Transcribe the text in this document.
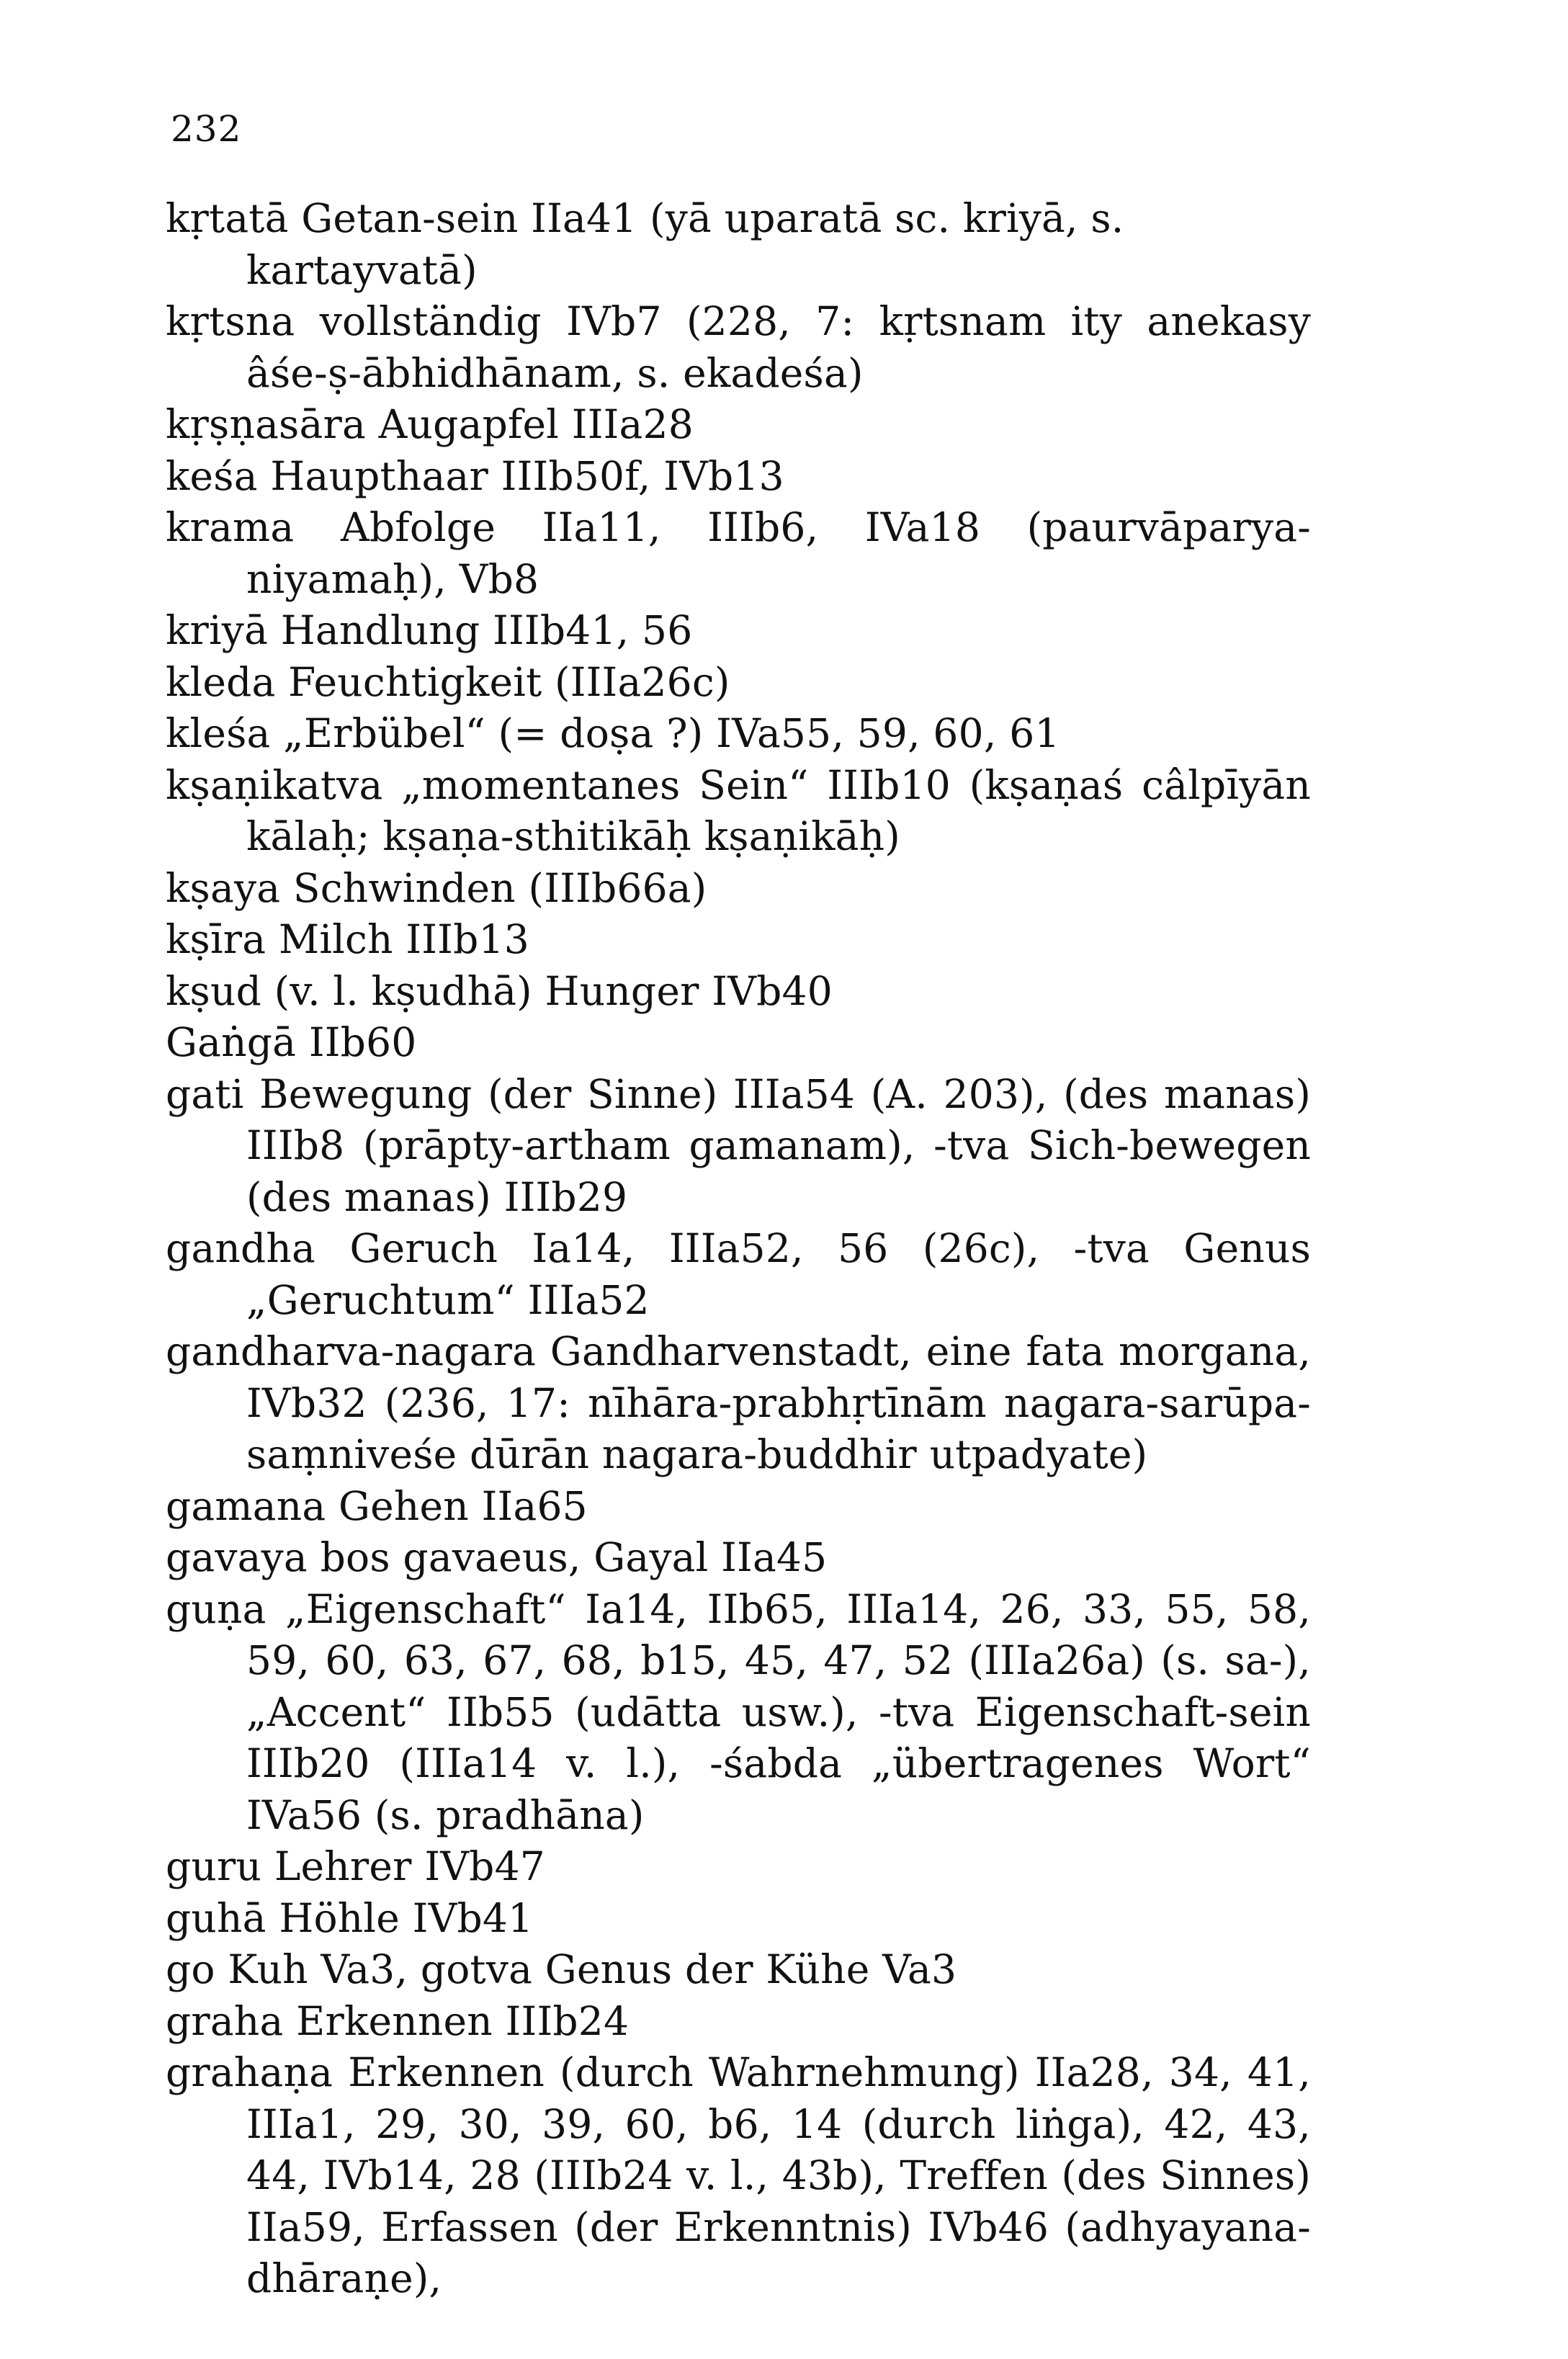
232
kṛtatā Getan-sein IIa41 (yā uparatā sc. kriyā, s. kartayvatā)
kṛtsna vollständig IVb7 (228, 7: kṛtsnam ity anekasy âśe-ṣ-ābhidhānam, s. ekadeśa)
kṛṣṇasāra Augapfel IIIa28
keśa Haupthaar IIIb50f, IVb13
krama Abfolge IIa11, IIIb6, IVa18 (paurvāparya-niyamaḥ), Vb8
kriyā Handlung IIIb41, 56
kleda Feuchtigkeit (IIIa26c)
kleśa „Erbübel“ (= doṣa ?) IVa55, 59, 60, 61
kṣaṇikatva „momentanes Sein“ IIIb10 (kṣaṇaś câlpīyān kālaḥ; kṣaṇa-sthitikāḥ kṣaṇikāḥ)
kṣaya Schwinden (IIIb66a)
kṣīra Milch IIIb13
kṣud (v. l. kṣudhā) Hunger IVb40
Gaṅgā IIb60
gati Bewegung (der Sinne) IIIa54 (A. 203), (des manas) IIIb8 (prāpty-artham gamanam), -tva Sich-bewegen (des manas) IIIb29
gandha Geruch Ia14, IIIa52, 56 (26c), -tva Genus „Geruchtum“ IIIa52
gandharva-nagara Gandharvenstadt, eine fata morgana, IVb32 (236, 17: nīhāra-prabhṛtīnām nagara-sarūpa-saṃniveśe dūrān nagara-buddhir utpadyate)
gamana Gehen IIa65
gavaya bos gavaeus, Gayal IIa45
guṇa „Eigenschaft“ Ia14, IIb65, IIIa14, 26, 33, 55, 58, 59, 60, 63, 67, 68, b15, 45, 47, 52 (IIIa26a) (s. sa-), „Accent“ IIb55 (udātta usw.), -tva Eigenschaft-sein IIIb20 (IIIa14 v. l.), -śabda „übertragenes Wort“ IVa56 (s. pradhāna)
guru Lehrer IVb47
guhā Höhle IVb41
go Kuh Va3, gotva Genus der Kühe Va3
graha Erkennen IIIb24
grahaṇa Erkennen (durch Wahrnehmung) IIa28, 34, 41, IIIa1, 29, 30, 39, 60, b6, 14 (durch liṅga), 42, 43, 44, IVb14, 28 (IIIb24 v. l., 43b), Treffen (des Sinnes) IIa59, Erfassen (der Erkenntnis) IVb46 (adhyayana-dhāraṇe),
